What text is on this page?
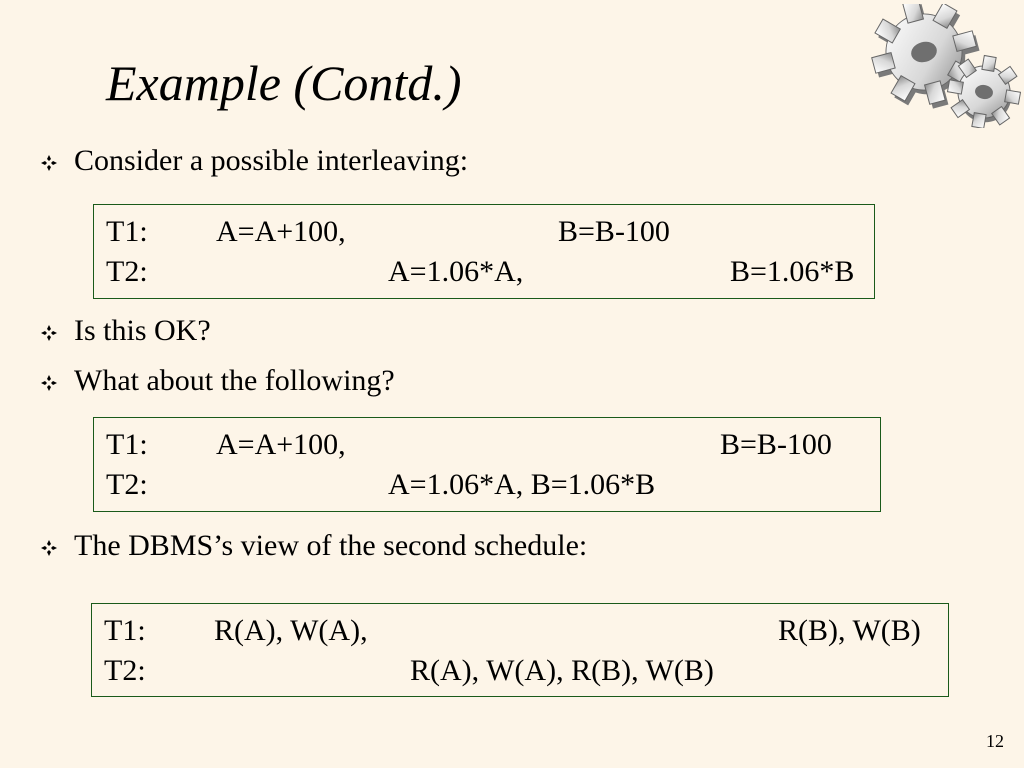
Example (Contd.)
Consider a possible interleaving:
T1: A=A+100,	B=B-100
T2:	A=1.06*A,	B=1.06*B
Is this OK?
What about the following?
T1: A=A+100,	B=B-100
T2:	A=1.06*A, B=1.06*B
The DBMS’s view of the second schedule:
T1: R(A), W(A),	R(B), W(B)
T2:	R(A), W(A), R(B), W(B)
12
